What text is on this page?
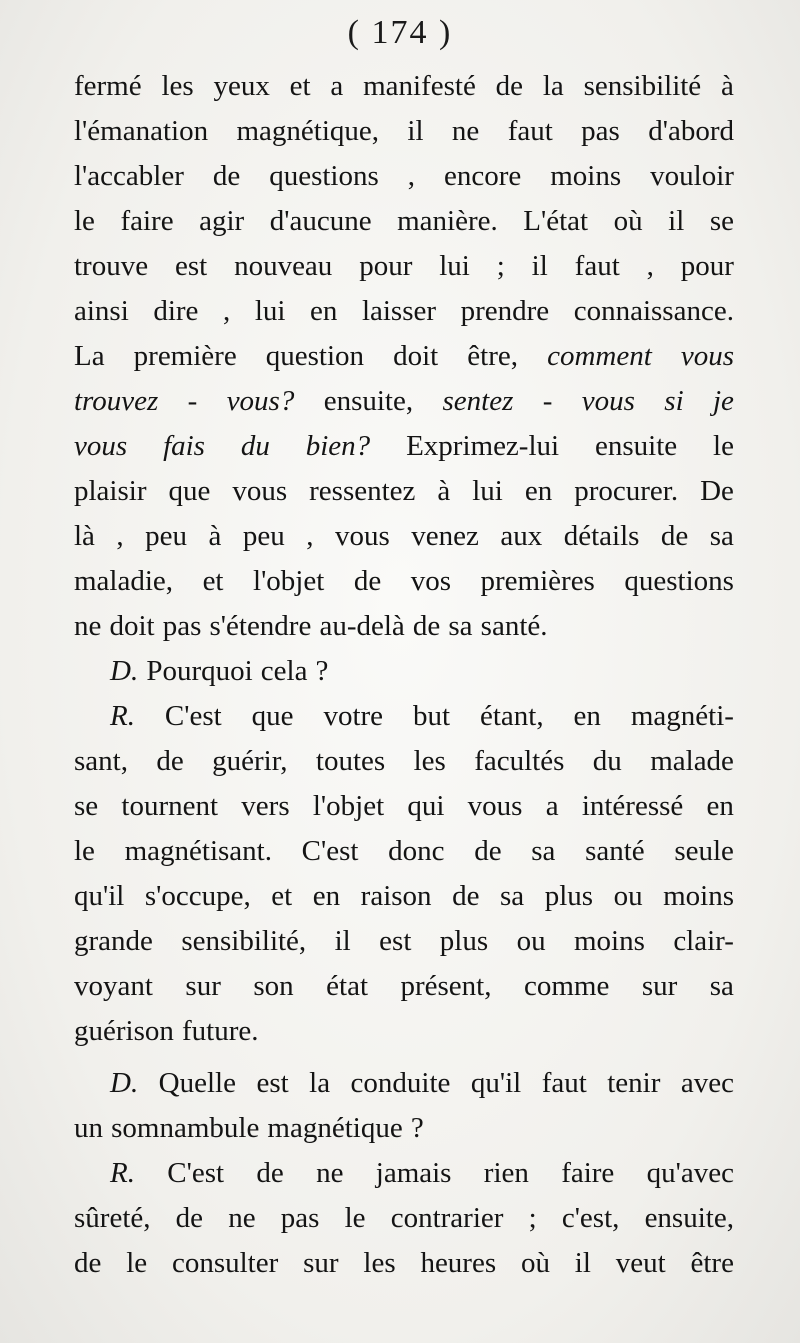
( 174 )
fermé les yeux et a manifesté de la sensibilité à
l'émanation magnétique, il ne faut pas d'abord
l'accabler de questions , encore moins vouloir
le faire agir d'aucune manière. L'état où il se
trouve est nouveau pour lui ; il faut , pour
ainsi dire , lui en laisser prendre connaissance.
La première question doit être, comment vous
trouvez - vous? ensuite, sentez - vous si je
vous fais du bien? Exprimez-lui ensuite le
plaisir que vous ressentez à lui en procurer. De
là , peu à peu , vous venez aux détails de sa
maladie, et l'objet de vos premières questions
ne doit pas s'étendre au-delà de sa santé.
D. Pourquoi cela ?
R. C'est que votre but étant, en magnéti-
sant, de guérir, toutes les facultés du malade
se tournent vers l'objet qui vous a intéressé en
le magnétisant. C'est donc de sa santé seule
qu'il s'occupe, et en raison de sa plus ou moins
grande sensibilité, il est plus ou moins clair-
voyant sur son état présent, comme sur sa
guérison future.
D. Quelle est la conduite qu'il faut tenir avec
un somnambule magnétique ?
R. C'est de ne jamais rien faire qu'avec
sûreté, de ne pas le contrarier ; c'est, ensuite,
de le consulter sur les heures où il veut être
